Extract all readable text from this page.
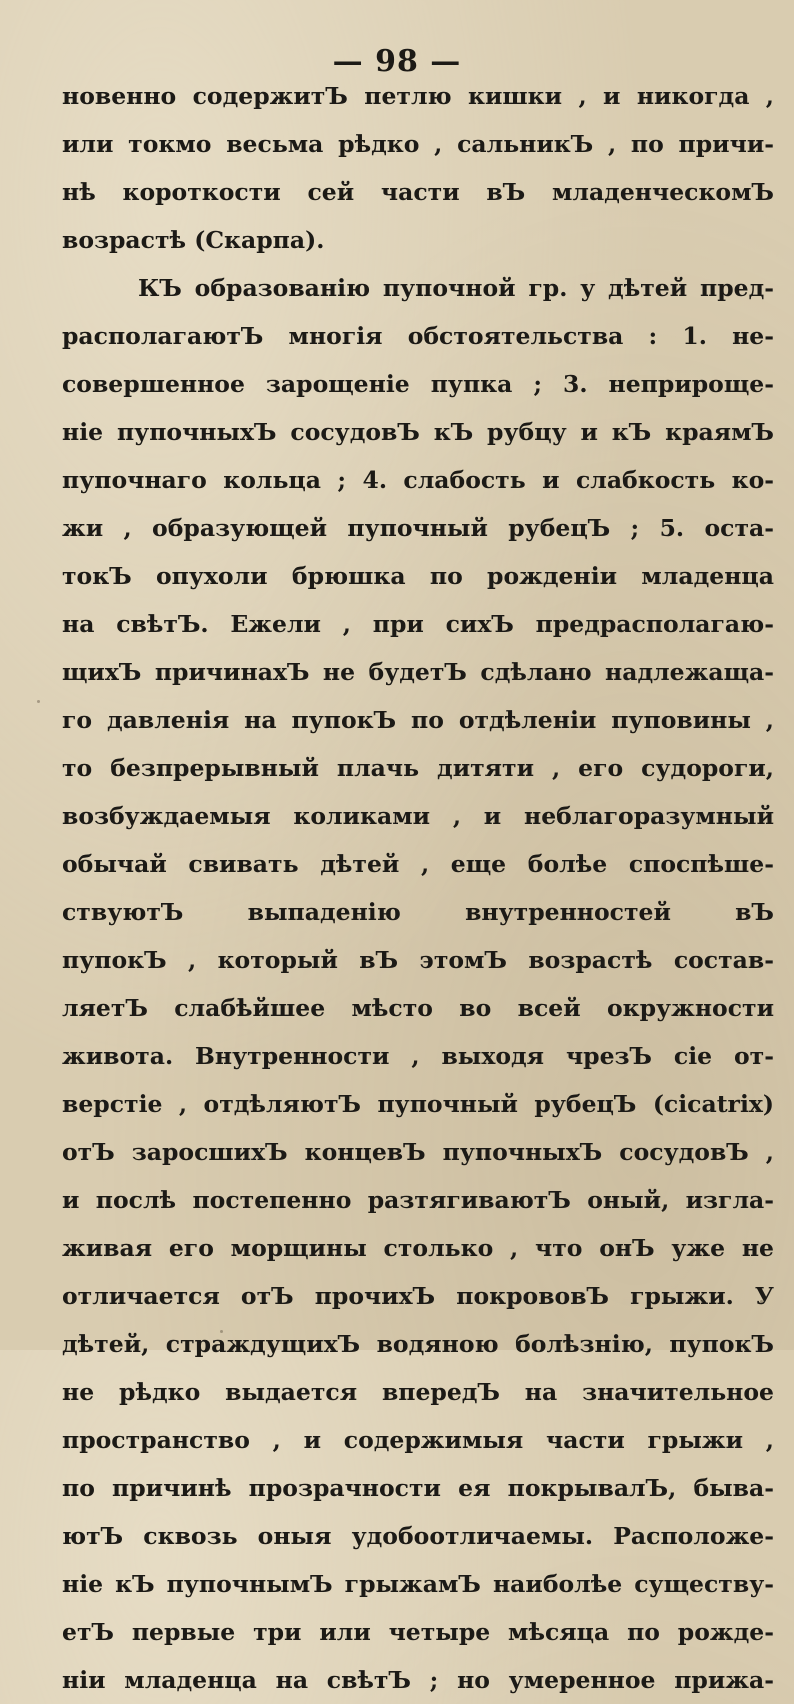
— 98 —
новенно содержитЪ петлю кишки , и никогда ,
или токмо весьма рѣдко , сальникЪ , по причи-
нѣ короткости сей части вЪ младенческомЪ
возрастѣ (Скарпа).
КЪ образованію пупочной гр. у дѣтей пред-
располагаютЪ многія обстоятельства : 1. не-
совершенное зарощеніе пупка ; 3. неприроще-
ніе пупочныхЪ сосудовЪ кЪ рубцу и кЪ краямЪ
пупочнаго кольца ; 4. слабость и слабкость ко-
жи , образующей пупочный рубецЪ ; 5. оста-
токЪ опухоли брюшка по рожденіи младенца
на свѣтЪ. Ежели , при сихЪ предрасполагаю-
щихЪ причинахЪ не будетЪ сдѣлано надлежаща-
го давленія на пупокЪ по отдѣленіи пуповины ,
то безпрерывный плачь дитяти , его судороги,
возбуждаемыя коликами , и неблагоразумный
обычай свивать дѣтей , еще болѣе споспѣше-
ствуютЪ выпаденію внутренностей вЪ
пупокЪ , который вЪ этомЪ возрастѣ состав-
ляетЪ слабѣйшее мѣсто во всей окружности
живота. Внутренности , выходя чрезЪ сіе от-
верстіе , отдѣляютЪ пупочный рубецЪ (cicatrix)
отЪ заросшихЪ концевЪ пупочныхЪ сосудовЪ ,
и послѣ постепенно разтягиваютЪ оный, изгла-
живая его морщины столько , что онЪ уже не
отличается отЪ прочихЪ покрововЪ грыжи. У
дѣтей, страждущихЪ водяною болѣзнію, пупокЪ
не рѣдко выдается впередЪ на значительное
пространство , и содержимыя части грыжи ,
по причинѣ прозрачности ея покрывалЪ, быва-
ютЪ сквозь оныя удобоотличаемы. Расположе-
ніе кЪ пупочнымЪ грыжамЪ наиболѣе существу-
етЪ первые три или четыре мѣсяца по рожде-
ніи младенца на свѣтЪ ; но умеренное прижа-
